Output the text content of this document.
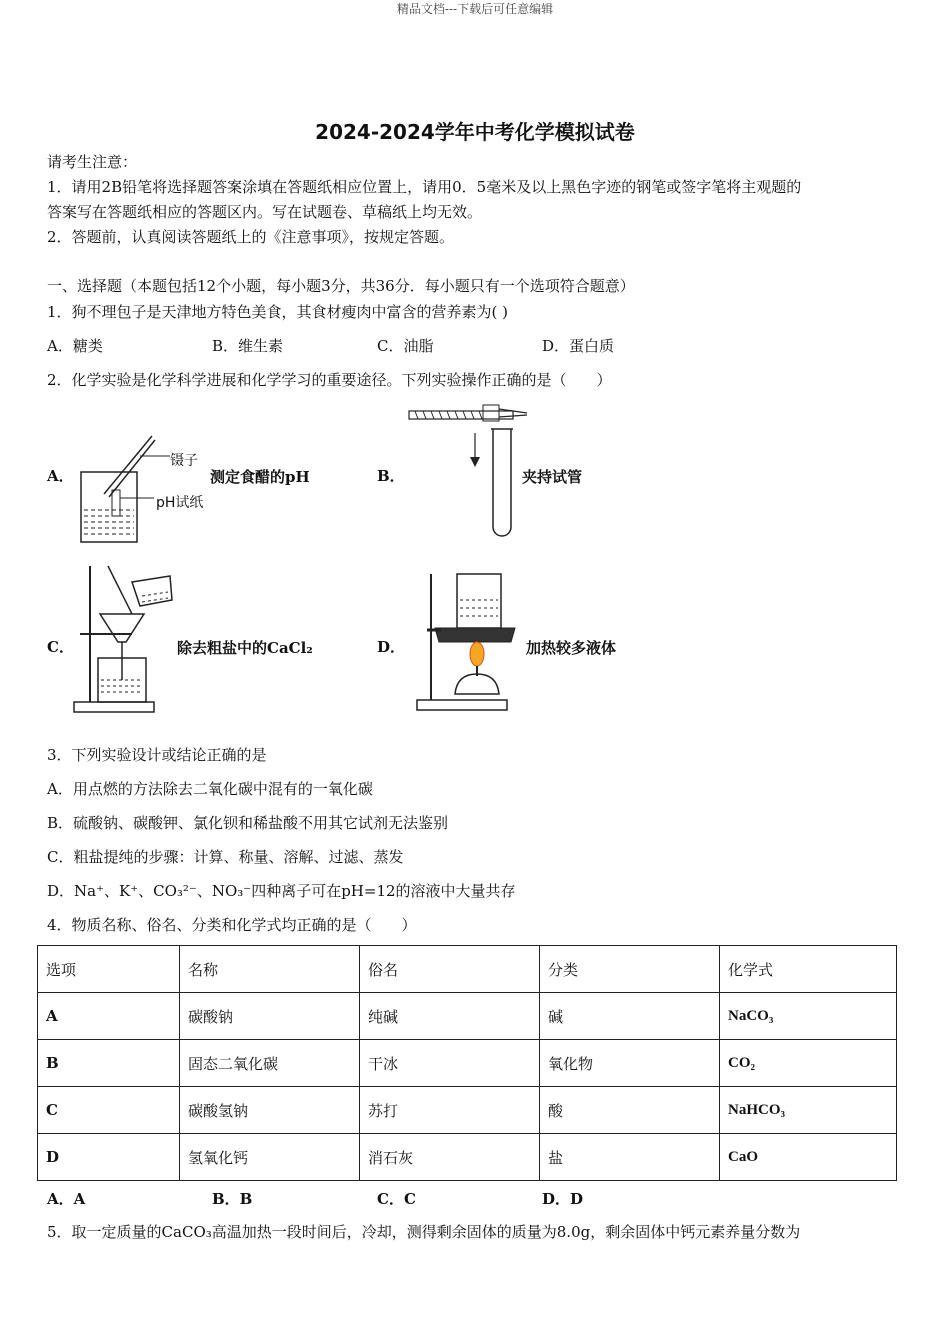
精品文档---下载后可任意编辑
2024-2024学年中考化学模拟试卷
请考生注意：
1．请用2B铅笔将选择题答案涂填在答题纸相应位置上，请用0．5毫米及以上黑色字迹的钢笔或签字笔将主观题的
答案写在答题纸相应的答题区内。写在试题卷、草稿纸上均无效。
2．答题前，认真阅读答题纸上的《注意事项》，按规定答题。
一、选择题（本题包括12个小题，每小题3分，共36分．每小题只有一个选项符合题意）
1．狗不理包子是天津地方特色美食，其食材瘦肉中富含的营养素为( )
A．糖类	B．维生素	C．油脂	D．蛋白质
2．化学实验是化学科学进展和化学学习的重要途径。下列实验操作正确的是（　　）
A．
镊子
pH试纸
测定食醋的pH	B．	夹持试管
C．	除去粗盐中的CaCl₂	D．	加热较多液体
3．下列实验设计或结论正确的是
A．用点燃的方法除去二氧化碳中混有的一氧化碳
B．硫酸钠、碳酸钾、氯化钡和稀盐酸不用其它试剂无法鉴别
C．粗盐提纯的步骤：计算、称量、溶解、过滤、蒸发
D．Na⁺、K⁺、CO₃²⁻、NO₃⁻四种离子可在pH=12的溶液中大量共存
4．物质名称、俗名、分类和化学式均正确的是（　　）
选项	名称	俗名	分类	化学式
A	碳酸钠	纯碱	碱	NaCO₃
B	固态二氧化碳	干冰	氧化物	CO₂
C	碳酸氢钠	苏打	酸	NaHCO₃
D	氢氧化钙	消石灰	盐	CaO
A．A	B．B	C．C	D．D
5．取一定质量的CaCO₃高温加热一段时间后，冷却，测得剩余固体的质量为8.0g，剩余固体中钙元素养量分数为
